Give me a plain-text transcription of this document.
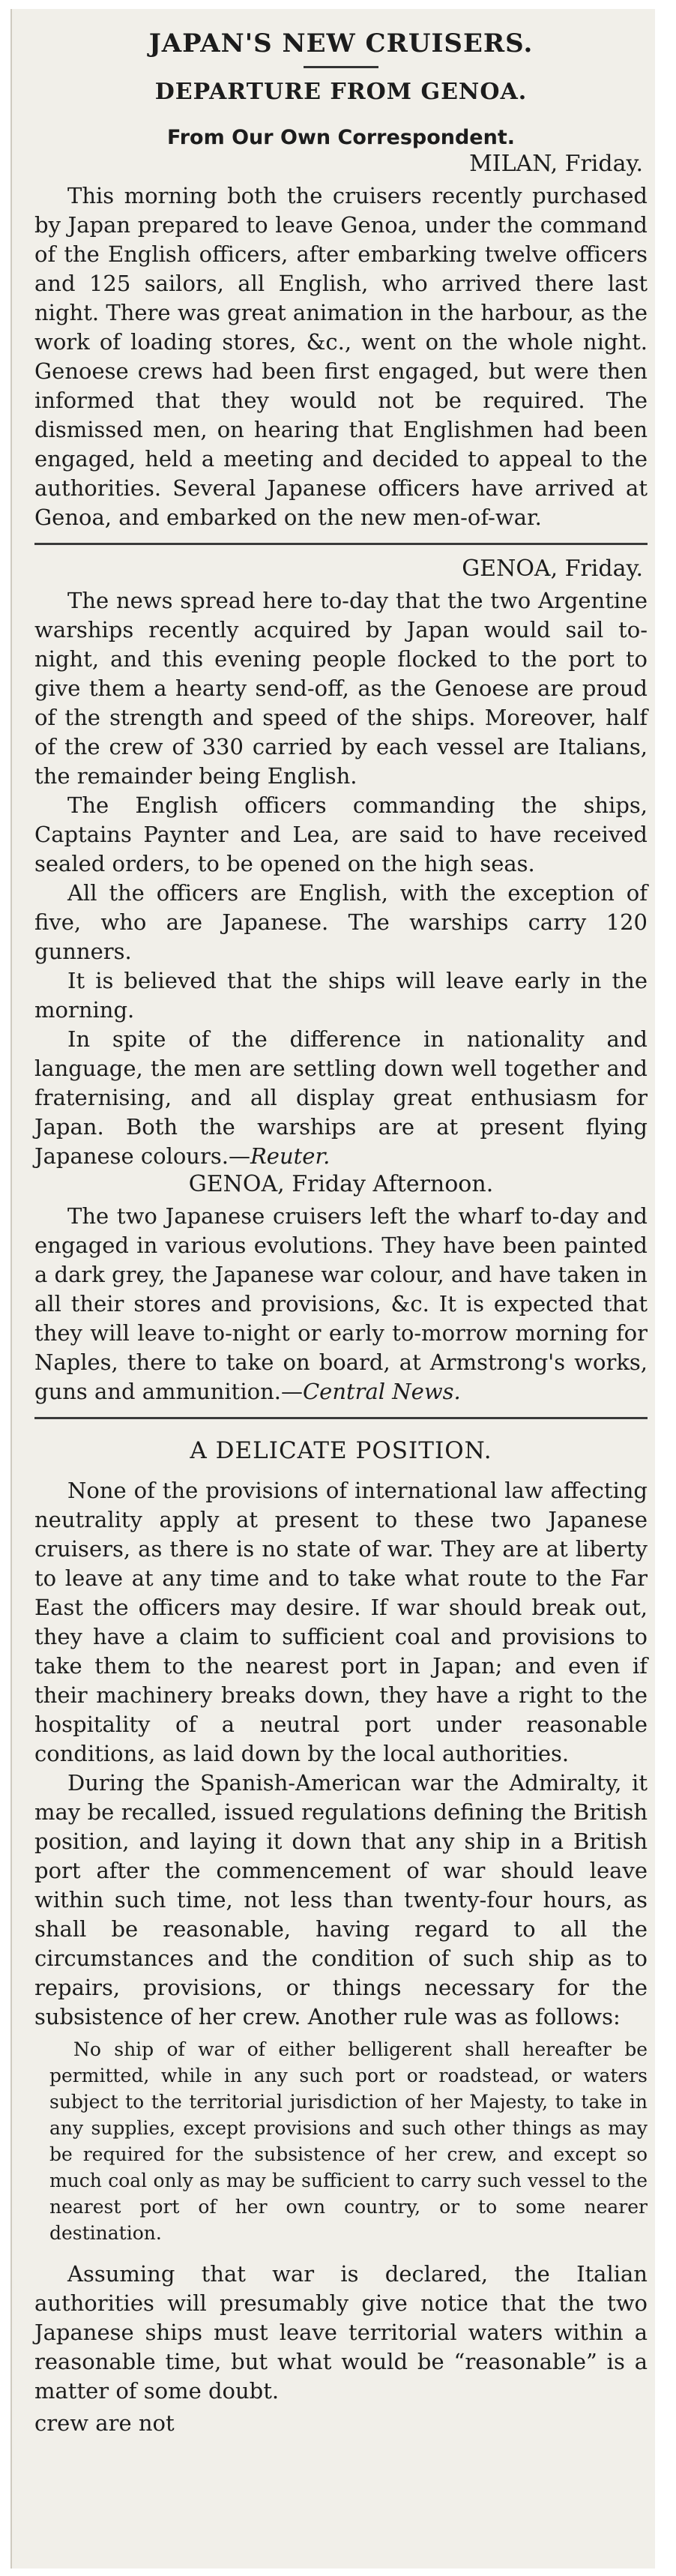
JAPAN'S NEW CRUISERS.
DEPARTURE FROM GENOA.
From Our Own Correspondent.
MILAN, Friday.

This morning both the cruisers recently purchased by Japan prepared to leave Genoa, under the command of the English officers, after embarking twelve officers and 125 sailors, all English, who arrived there last night. There was great animation in the harbour, as the work of loading stores, &c., went on the whole night. Genoese crews had been first engaged, but were then informed that they would not be required. The dismissed men, on hearing that Englishmen had been engaged, held a meeting and decided to appeal to the authorities. Several Japanese officers have arrived at Genoa, and embarked on the new men-of-war.

GENOA, Friday.

The news spread here to-day that the two Argentine warships recently acquired by Japan would sail to-night, and this evening people flocked to the port to give them a hearty send-off, as the Genoese are proud of the strength and speed of the ships. Moreover, half of the crew of 330 carried by each vessel are Italians, the remainder being English.

The English officers commanding the ships, Captains Paynter and Lea, are said to have received sealed orders, to be opened on the high seas.

All the officers are English, with the exception of five, who are Japanese. The warships carry 120 gunners.

It is believed that the ships will leave early in the morning.

In spite of the difference in nationality and language, the men are settling down well together and fraternising, and all display great enthusiasm for Japan. Both the warships are at present flying Japanese colours.—Reuter.

GENOA, Friday Afternoon.

The two Japanese cruisers left the wharf to-day and engaged in various evolutions. They have been painted a dark grey, the Japanese war colour, and have taken in all their stores and provisions, &c. It is expected that they will leave to-night or early to-morrow morning for Naples, there to take on board, at Armstrong's works, guns and ammunition.—Central News.

A DELICATE POSITION.

None of the provisions of international law affecting neutrality apply at present to these two Japanese cruisers, as there is no state of war. They are at liberty to leave at any time and to take what route to the Far East the officers may desire. If war should break out, they have a claim to sufficient coal and provisions to take them to the nearest port in Japan; and even if their machinery breaks down, they have a right to the hospitality of a neutral port under reasonable conditions, as laid down by the local authorities.

During the Spanish-American war the Admiralty, it may be recalled, issued regulations defining the British position, and laying it down that any ship in a British port after the commencement of war should leave within such time, not less than twenty-four hours, as shall be reasonable, having regard to all the circumstances and the condition of such ship as to repairs, provisions, or things necessary for the subsistence of her crew. Another rule was as follows:

No ship of war of either belligerent shall hereafter be permitted, while in any such port or roadstead, or waters subject to the territorial jurisdiction of her Majesty, to take in any supplies, except provisions and such other things as may be required for the subsistence of her crew, and except so much coal only as may be sufficient to carry such vessel to the nearest port of her own country, or to some nearer destination.

Assuming that war is declared, the Italian authorities will presumably give notice that the two Japanese ships must leave territorial waters within a reasonable time, but what would be “reasonable” is a matter of some doubt.

crew are not
